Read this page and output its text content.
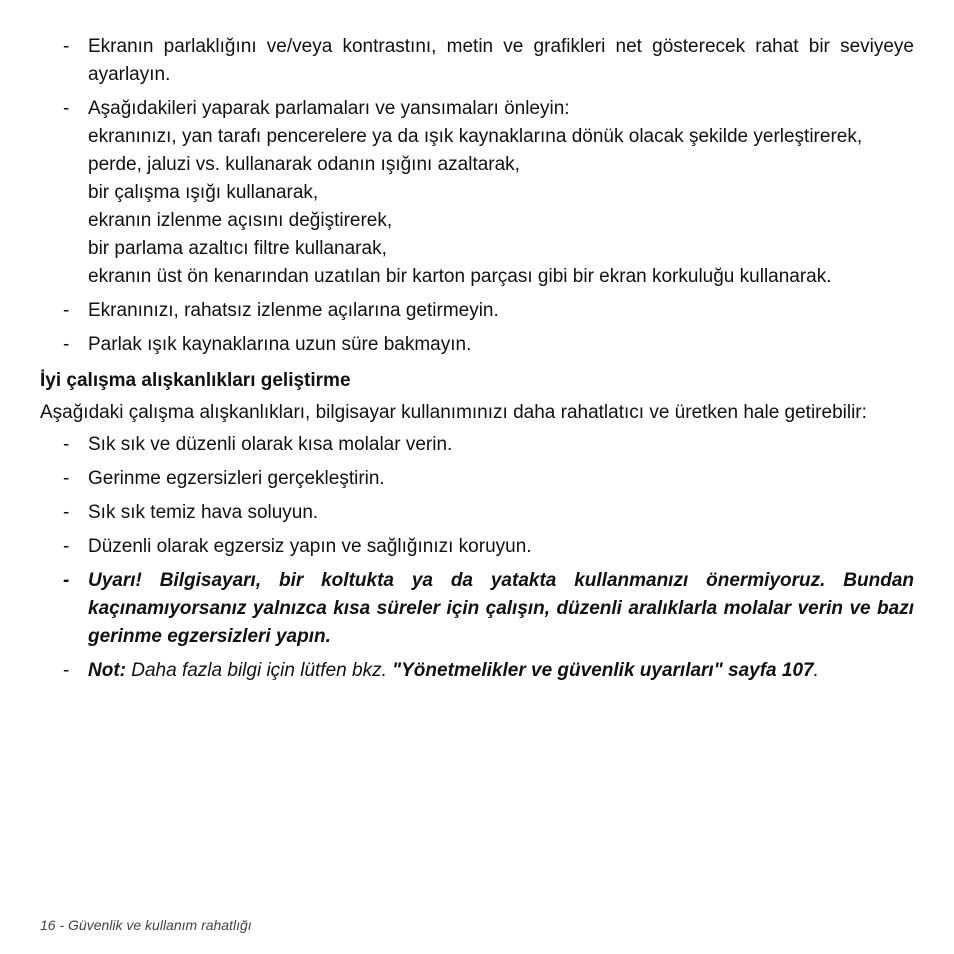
- Ekranın parlaklığını ve/veya kontrastını, metin ve grafikleri net gösterecek rahat bir seviyeye ayarlayın.
- Aşağıdakileri yaparak parlamaları ve yansımaları önleyin:
ekranınızı, yan tarafı pencerelere ya da ışık kaynaklarına dönük olacak şekilde yerleştirerek,
perde, jaluzi vs. kullanarak odanın ışığını azaltarak,
bir çalışma ışığı kullanarak,
ekranın izlenme açısını değiştirerek,
bir parlama azaltıcı filtre kullanarak,
ekranın üst ön kenarından uzatılan bir karton parçası gibi bir ekran korkuluğu kullanarak.
- Ekranınızı, rahatsız izlenme açılarına getirmeyin.
- Parlak ışık kaynaklarına uzun süre bakmayın.
İyi çalışma alışkanlıkları geliştirme
Aşağıdaki çalışma alışkanlıkları, bilgisayar kullanımınızı daha rahatlatıcı ve üretken hale getirebilir:
- Sık sık ve düzenli olarak kısa molalar verin.
- Gerinme egzersizleri gerçekleştirin.
- Sık sık temiz hava soluyun.
- Düzenli olarak egzersiz yapın ve sağlığınızı koruyun.
- Uyarı! Bilgisayarı, bir koltukta ya da yatakta kullanmanızı önermiyoruz. Bundan kaçınamıyorsanız yalnızca kısa süreler için çalışın, düzenli aralıklarla molalar verin ve bazı gerinme egzersizleri yapın.
- Not: Daha fazla bilgi için lütfen bkz. "Yönetmelikler ve güvenlik uyarıları" sayfa 107.
16 - Güvenlik ve kullanım rahatlığı
